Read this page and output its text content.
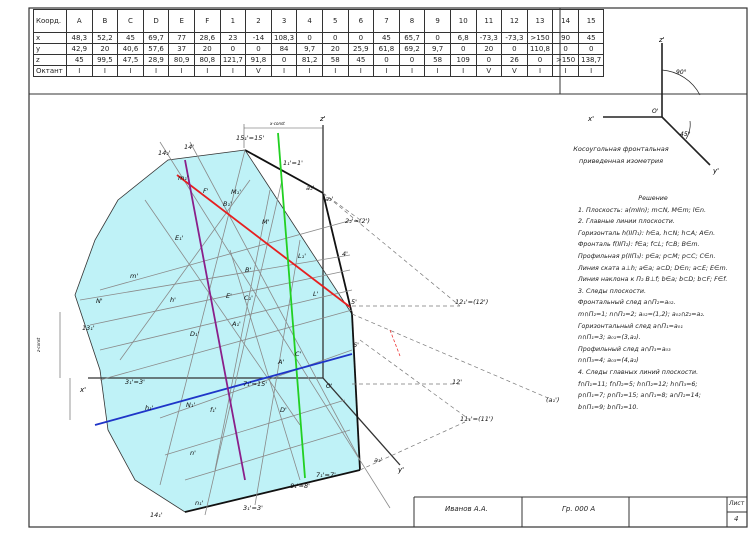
z'
x'
y'
O'
90°
45°
z'
x'
y'
O'
x-const
z-const
15₁'=15'
1₁'=1'
2₂'=(2')
4'
5'
6'
12₁'=(12')
12'
11₁'=(11')
14₂'
14'
14₁'
13₁'
3₁'=3'
8₁'=8'
7₁'=7'
7₁'=15'
(a₁')
a₂'
a₂'
a₃'
N'
N₁'
M'
M₁'
A'
A₁'
B'
B₁'
C'
C₁'
D'
D₁'
E'
E₁'
L'
L₁'
F'
m'
m₁'
h'
h₁'	f₁'
n'
n₁'
3₁'=3'
Коорд.	A	B	C	D	E	F	1	2	3	4	5	6	7	8	9	10	11	12	13	14	15
x	48,3	52,2	45	69,7	77	28,6	23	-14	108,3	0	0	0	45	65,7	0	6,8	-73,3	-73,3	>150	90	45
y	42,9	20	40,6	57,6	37	20	0	0	84	9,7	20	25,9	61,8	69,2	9,7	0	20	0	110,8	0	0
z	45	99,5	47,5	28,9	80,9	80,8	121,7	91,8	0	81,2	58	45	0	0	58	109	0	26	0	>150	138,7
Октант	I	I	I	I	I	I	I	V	I	I	I	I	I	I	I	I	V	V	I	I	I
Косоугольная фронтальная
приведенная изометрия
Решение
1. Плоскость: a(mIIn); m⊂N, M∈m; l∈n.
2. Главные линии плоскости.
Горизонталь h(IIП₁): h∈a, h⊂N; h⊂A; A∈n.
Фронталь f(IIП₂): f∈a; f⊂L; f⊂B; B∈m.
Профильная p(IIП₃): p∈a; p⊂M; p⊂C; C∈n.
Линия ската a⊥h; a∈a; a⊂D; D∈n; a⊂E; E∈m.
Линия наклона к П₂ B⊥f; b∈a; b⊂D; b⊂F; F∈f.
3. Следы плоскости.
Фронтальный след a∩П₂=a₀₂.
m∩П₂=1; n∩П₂=2; a₀₂=(1,2); a₀₂∩z₂=a₂.
Горизонтальный след a∩П₁=a₀₁
n∩П₁=3; a₀₁=(3,a₂).
Профильный след a∩П₃=a₀₃
n∩П₃=4; a₀₃=(4,a₂)
4. Следы главных линий плоскости.
f∩П₁=11; f∩П₂=5; h∩П₂=12; h∩П₃=6;
p∩П₁=7; p∩П₂=15; a∩П₁=8; a∩П₂=14;
b∩П₁=9; b∩П₂=10.
Иванов А.А.	Гр. 000 А
Лист
4
